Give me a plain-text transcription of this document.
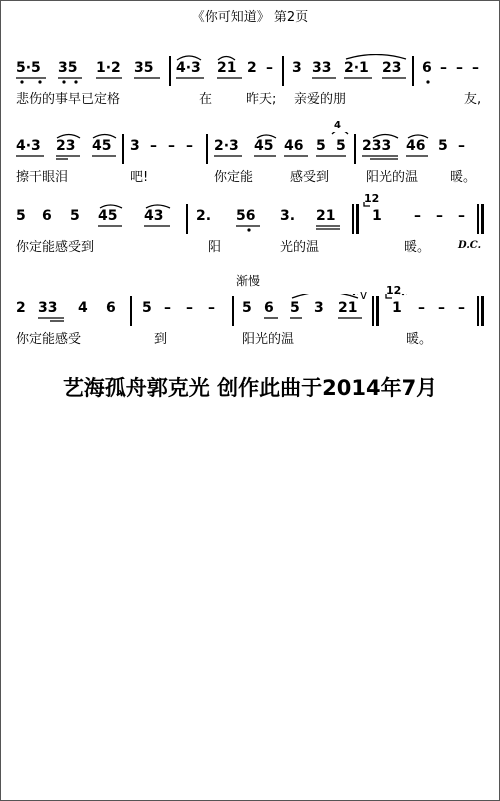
《你可知道》 第2页
5·5 35 1·2 35 4·3 21 2 – 3 33 2·1 23 6 – – –
悲伤的事早已定格	在	昨天; 亲爱的朋	友,
4·3 23 45 3 – – – 2·3 45 46 5 5 233 46 5 –
4
擦干眼泪	吧!	你定能	感受到	阳光的温 暖。
5 6 5 45 43 2. 56 3. 21	1 – – –
12
D.C.
你定能感受到	阳	光的温	暖。
渐慢
2 33 4 6 5 – – – 5 6 5 3 21 1 – – –
v 12
你定能感受	到	阳光的温	暖。
艺海孤舟郭克光 创作此曲于2014年7月
